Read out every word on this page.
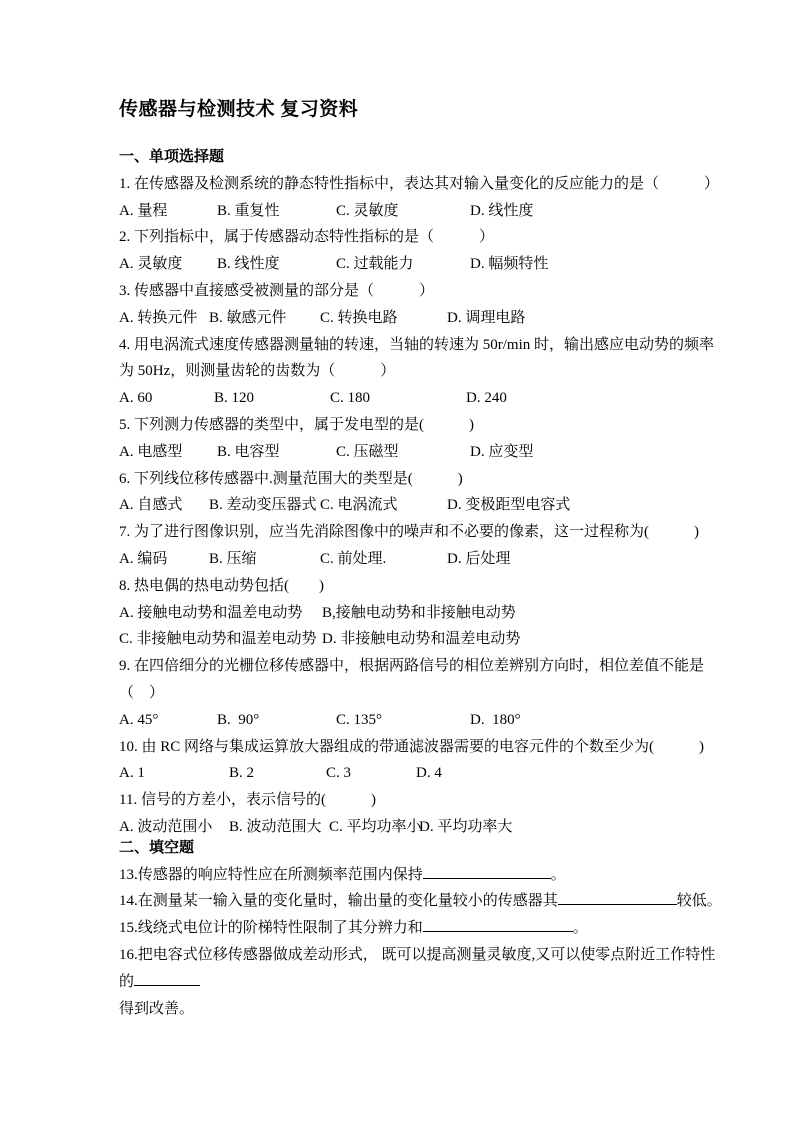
传感器与检测技术 复习资料
一、单项选择题
1. 在传感器及检测系统的静态特性指标中，表达其对输入量变化的反应能力的是（　　　）

A. 量程

	B. 重复性

	C. 灵敏度

	D. 线性度

2. 下列指标中，属于传感器动态特性指标的是（　　　）

A. 灵敏度

B. 线性度

	C. 过载能力

	D. 幅频特性

3. 传感器中直接感受被测量的部分是（　　　）

A. 转换元件

B. 敏感元件

C. 转换电路

	D. 调理电路

4. 用电涡流式速度传感器测量轴的转速，当轴的转速为 50r/min 时，输出感应电动势的频率
为 50Hz，则测量齿轮的齿数为（　　　）

A. 60

	B. 120

	C. 180

	D. 240

5. 下列测力传感器的类型中，属于发电型的是(　　　)

A. 电感型

B. 电容型

	C. 压磁型

	D. 应变型

6. 下列线位移传感器中.测量范围大的类型是(　　　)

A. 自感式

B. 差动变压器式

C. 电涡流式

	D. 变极距型电容式

7. 为了进行图像识别，应当先消除图像中的噪声和不必要的像素，这一过程称为(　　　)

A. 编码

	B. 压缩

	C. 前处理.

	D. 后处理

8. 热电偶的热电动势包括(　　)

A. 接触电动势和温差电动势

B,接触电动势和非接触电动势

C. 非接触电动势和温差电动势

D. 非接触电动势和温差电动势

9. 在四倍细分的光栅位移传感器中，根据两路信号的相位差辨别方向时，相位差值不能是
（　）

A. 45°

	B.  90°

	C. 135°

	D.  180°

10. 由 RC 网络与集成运算放大器组成的带通滤波器需要的电容元件的个数至少为(　　　)

A. 1

	B. 2

	C. 3

	D. 4

11. 信号的方差小，表示信号的(　　　)

A. 波动范围小

B. 波动范围大

C. 平均功率小

D. 平均功率大

二、填空题
13.传感器的响应特性应在所测频率范围内保持	。
14.在测量某一输入量的变化量时，输出量的变化量较小的传感器其	较低。
15.线绕式电位计的阶梯特性限制了其分辨力和	。
16.把电容式位移传感器做成差动形式， 既可以提高测量灵敏度,又可以使零点附近工作特性
的
得到改善。
